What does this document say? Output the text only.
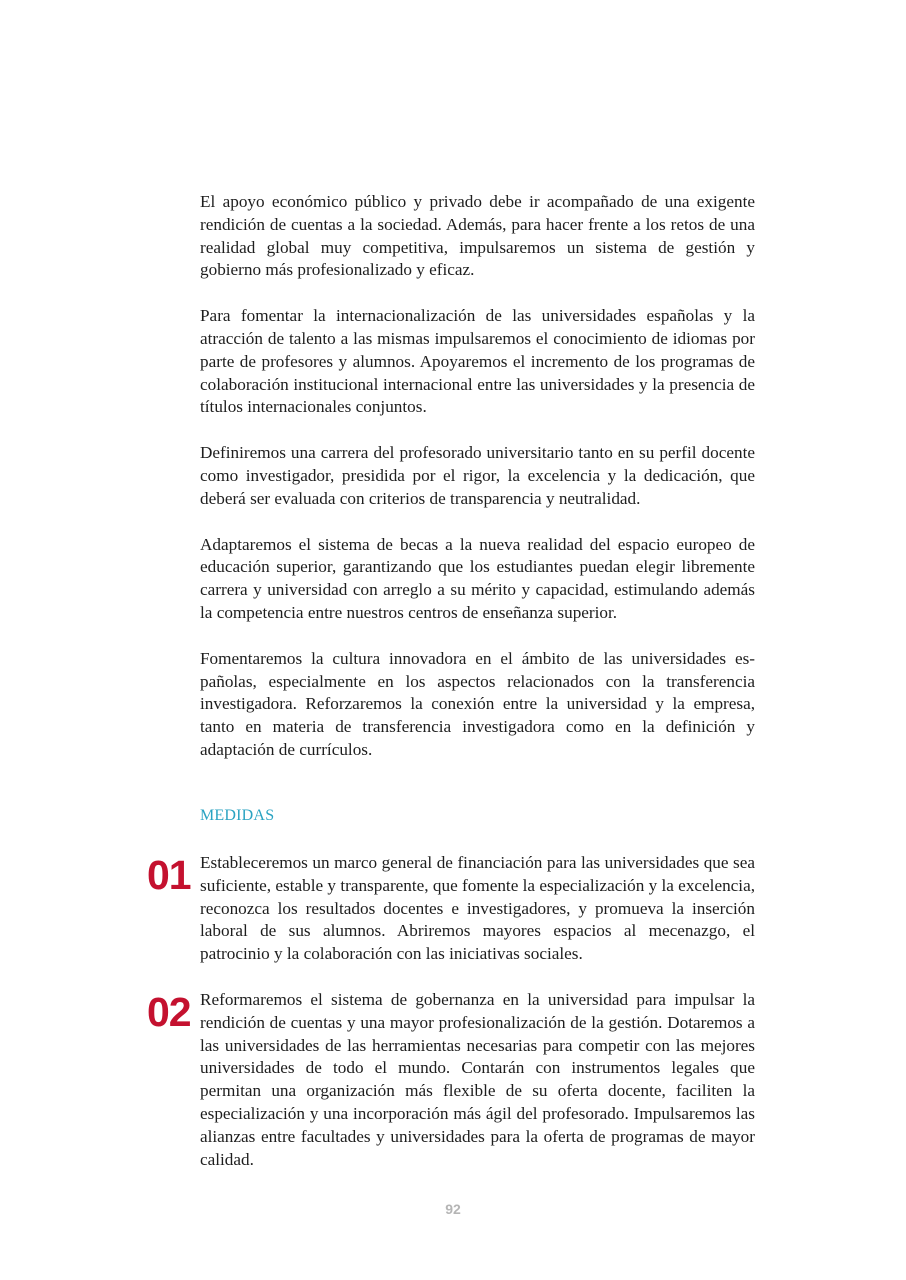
El apoyo económico público y privado debe ir acompañado de una exigente rendición de cuentas a la sociedad. Además, para hacer frente a los retos de una realidad global muy competitiva, impulsaremos un sistema de gestión y gobierno más profesionalizado y eficaz.

Para fomentar la internacionalización de las universidades españolas y la atracción de talento a las mismas impulsaremos el conocimiento de idiomas por parte de profesores y alumnos. Apoyaremos el incremento de los programas de colaboración institucional internacional entre las universidades y la presencia de títulos internacionales conjuntos.

Definiremos una carrera del profesorado universitario tanto en su perfil docente como investigador, presidida por el rigor, la excelencia y la dedicación, que deberá ser evaluada con criterios de transparencia y neutralidad.

Adaptaremos el sistema de becas a la nueva realidad del espacio europeo de educación superior, garantizando que los estudiantes puedan elegir libremente carrera y universidad con arreglo a su mérito y capacidad, estimulando además la competencia entre nuestros centros de enseñanza superior.

Fomentaremos la cultura innovadora en el ámbito de las universidades españolas, especialmente en los aspectos relacionados con la transferencia investigadora. Reforzaremos la conexión entre la universidad y la empresa, tanto en materia de transferencia investigadora como en la definición y adaptación de currículos.

MEDIDAS
01 Estableceremos un marco general de financiación para las universidades que sea suficiente, estable y transparente, que fomente la especialización y la excelencia, reconozca los resultados docentes e investigadores, y promueva la inserción laboral de sus alumnos. Abriremos mayores espacios al mecenazgo, el patrocinio y la colaboración con las iniciativas sociales.

02 Reformaremos el sistema de gobernanza en la universidad para impulsar la rendición de cuentas y una mayor profesionalización de la gestión. Dotaremos a las universidades de las herramientas necesarias para competir con las mejores universidades de todo el mundo. Contarán con instrumentos legales que permitan una organización más flexible de su oferta docente, faciliten la especialización y una incorporación más ágil del profesorado. Impulsaremos las alianzas entre facultades y universidades para la oferta de programas de mayor calidad.

92
